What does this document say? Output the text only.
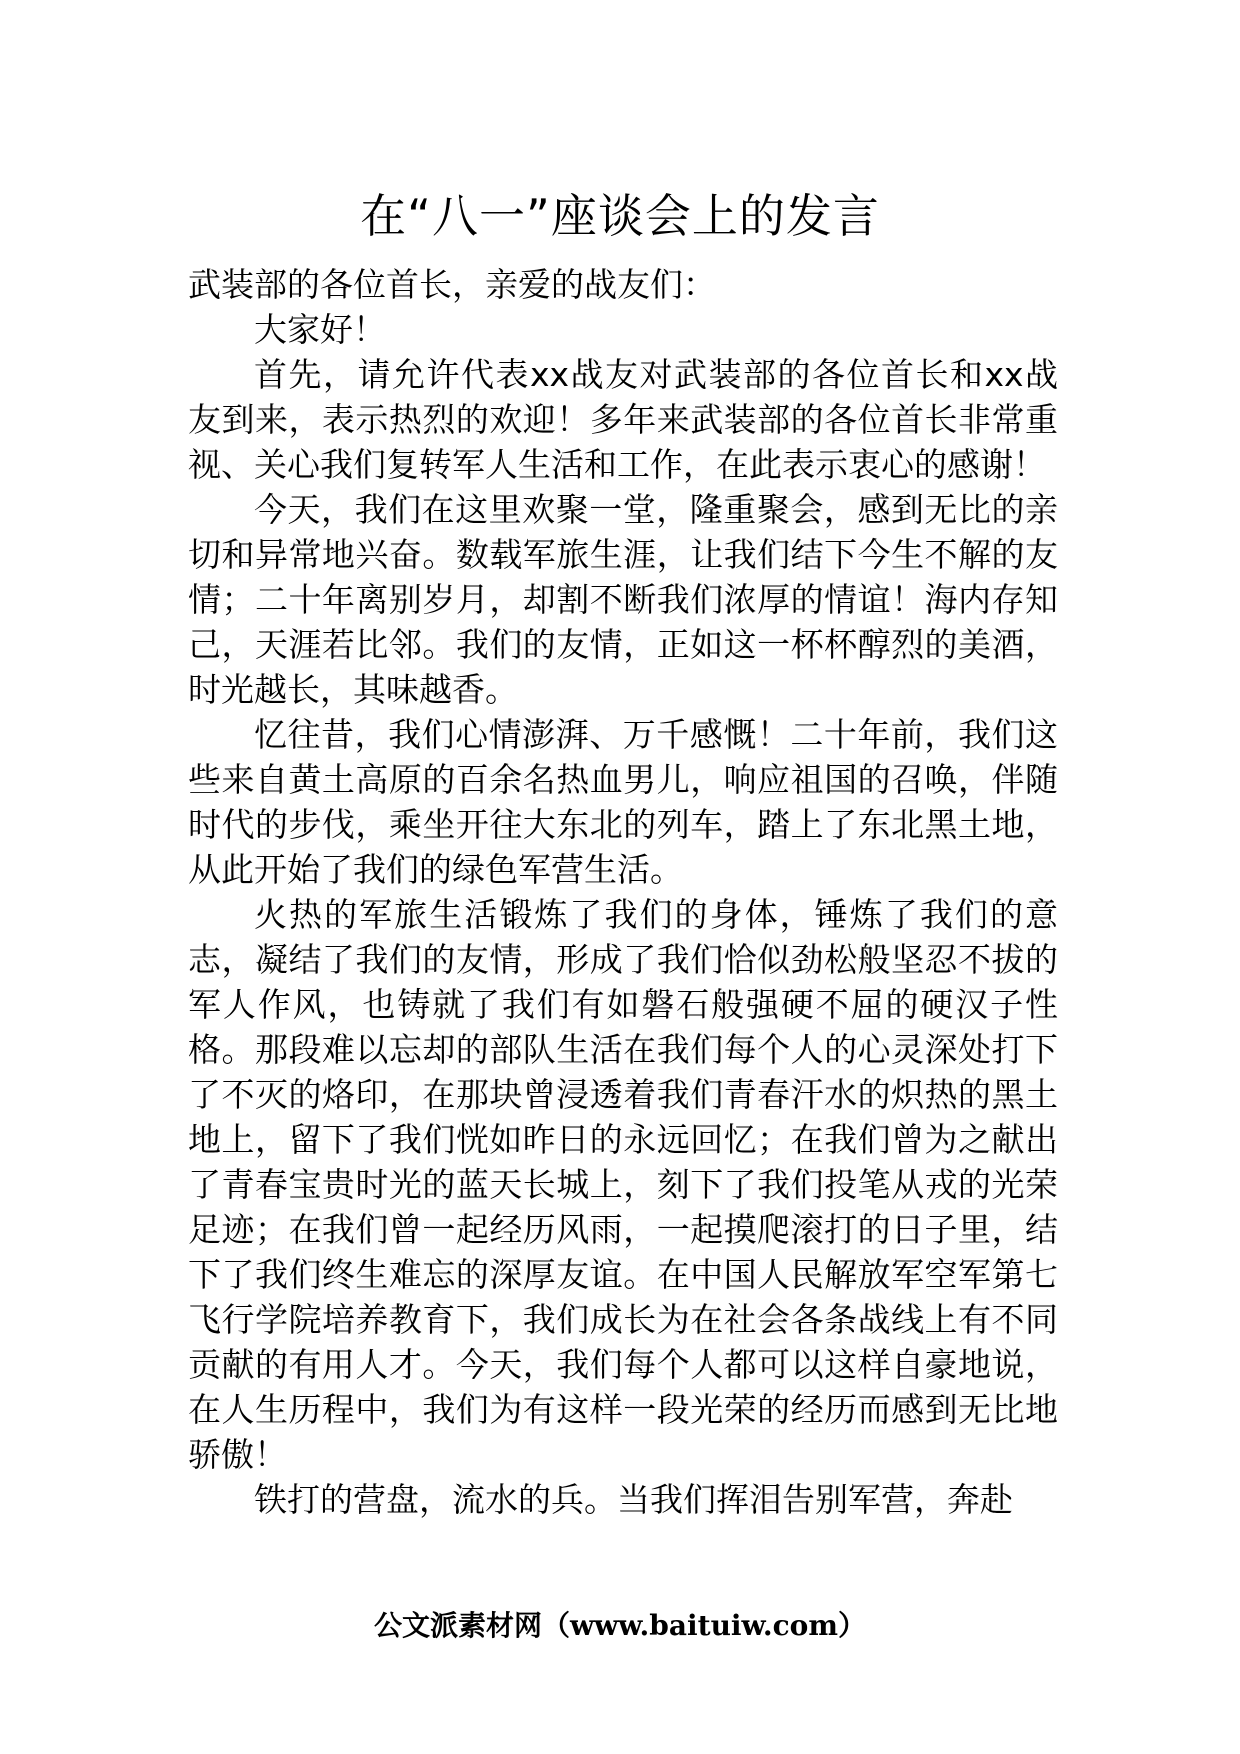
在“八一”座谈会上的发言

武装部的各位首长，亲爱的战友们：

大家好！

首先，请允许代表xx战友对武装部的各位首长和xx战友到来，表示热烈的欢迎！多年来武装部的各位首长非常重视、关心我们复转军人生活和工作，在此表示衷心的感谢！

今天，我们在这里欢聚一堂，隆重聚会，感到无比的亲切和异常地兴奋。数载军旅生涯，让我们结下今生不解的友情；二十年离别岁月，却割不断我们浓厚的情谊！海内存知己，天涯若比邻。我们的友情，正如这一杯杯醇烈的美酒，时光越长，其味越香。

忆往昔，我们心情澎湃、万千感慨！二十年前，我们这些来自黄土高原的百余名热血男儿，响应祖国的召唤，伴随时代的步伐，乘坐开往大东北的列车，踏上了东北黑土地，从此开始了我们的绿色军营生活。

火热的军旅生活锻炼了我们的身体，锤炼了我们的意志，凝结了我们的友情，形成了我们恰似劲松般坚忍不拔的军人作风，也铸就了我们有如磐石般强硬不屈的硬汉子性格。那段难以忘却的部队生活在我们每个人的心灵深处打下了不灭的烙印，在那块曾浸透着我们青春汗水的炽热的黑土地上，留下了我们恍如昨日的永远回忆；在我们曾为之献出了青春宝贵时光的蓝天长城上，刻下了我们投笔从戎的光荣足迹；在我们曾一起经历风雨，一起摸爬滚打的日子里，结下了我们终生难忘的深厚友谊。在中国人民解放军空军第七飞行学院培养教育下，我们成长为在社会各条战线上有不同贡献的有用人才。今天，我们每个人都可以这样自豪地说，在人生历程中，我们为有这样一段光荣的经历而感到无比地骄傲！

铁打的营盘，流水的兵。当我们挥泪告别军营，奔赴

公文派素材网（www.baituiw.com）
